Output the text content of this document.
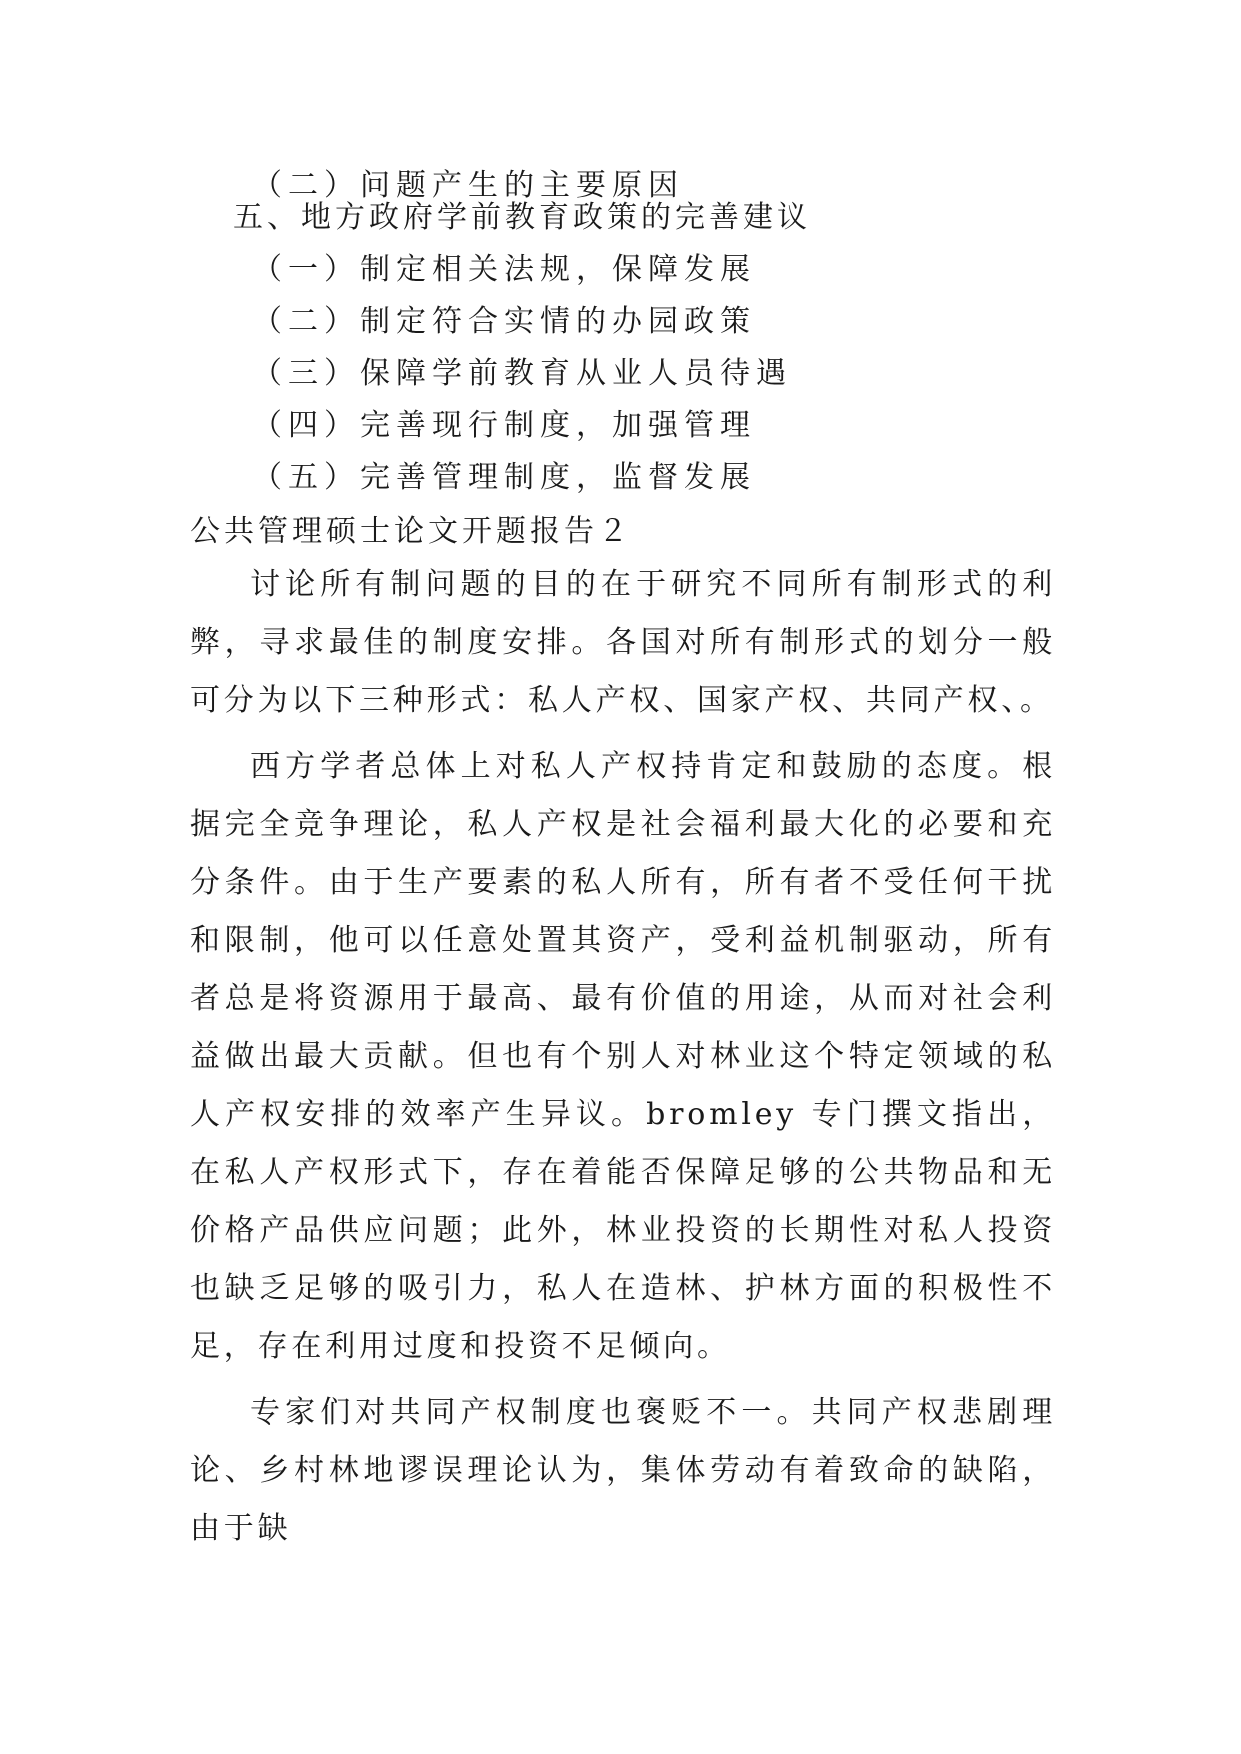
（二）问题产生的主要原因
五、地方政府学前教育政策的完善建议
（一）制定相关法规，保障发展
（二）制定符合实情的办园政策
（三）保障学前教育从业人员待遇
（四）完善现行制度，加强管理
（五）完善管理制度，监督发展
公共管理硕士论文开题报告２

讨论所有制问题的目的在于研究不同所有制形式的利弊，寻求最佳的制度安排。各国对所有制形式的划分一般可分为以下三种形式：私人产权、国家产权、共同产权、。

西方学者总体上对私人产权持肯定和鼓励的态度。根据完全竞争理论，私人产权是社会福利最大化的必要和充分条件。由于生产要素的私人所有，所有者不受任何干扰和限制，他可以任意处置其资产，受利益机制驱动，所有者总是将资源用于最高、最有价值的用途，从而对社会利益做出最大贡献。但也有个别人对林业这个特定领域的私人产权安排的效率产生异议。bromley 专门撰文指出，在私人产权形式下，存在着能否保障足够的公共物品和无价格产品供应问题；此外，林业投资的长期性对私人投资也缺乏足够的吸引力，私人在造林、护林方面的积极性不足，存在利用过度和投资不足倾向。

专家们对共同产权制度也褒贬不一。共同产权悲剧理论、乡村林地谬误理论认为，集体劳动有着致命的缺陷，由于缺
